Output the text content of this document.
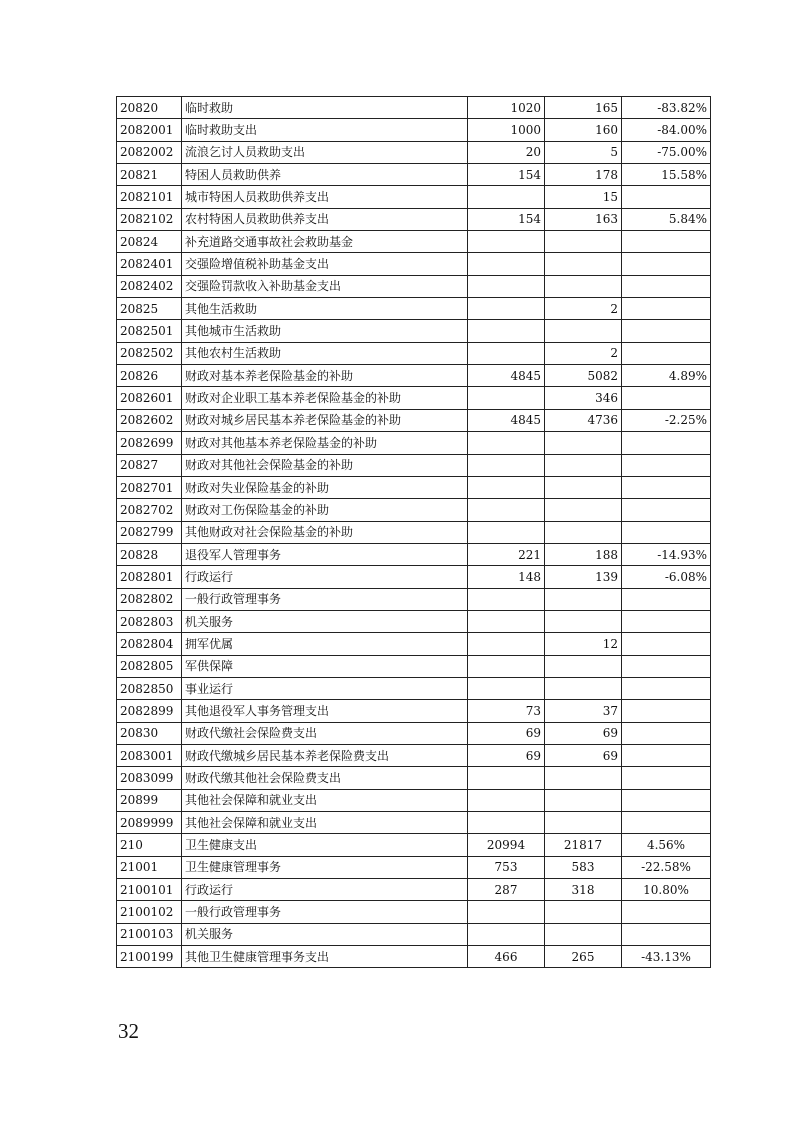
20820	临时救助	1020	165	-83.82%
2082001	临时救助支出	1000	160	-84.00%
2082002	流浪乞讨人员救助支出	20	5	-75.00%
20821	特困人员救助供养	154	178	15.58%
2082101	城市特困人员救助供养支出		15	
2082102	农村特困人员救助供养支出	154	163	5.84%
20824	补充道路交通事故社会救助基金			
2082401	交强险增值税补助基金支出			
2082402	交强险罚款收入补助基金支出			
20825	其他生活救助		2	
2082501	其他城市生活救助			
2082502	其他农村生活救助		2	
20826	财政对基本养老保险基金的补助	4845	5082	4.89%
2082601	财政对企业职工基本养老保险基金的补助		346	
2082602	财政对城乡居民基本养老保险基金的补助	4845	4736	-2.25%
2082699	财政对其他基本养老保险基金的补助			
20827	财政对其他社会保险基金的补助			
2082701	财政对失业保险基金的补助			
2082702	财政对工伤保险基金的补助			
2082799	其他财政对社会保险基金的补助			
20828	退役军人管理事务	221	188	-14.93%
2082801	行政运行	148	139	-6.08%
2082802	一般行政管理事务			
2082803	机关服务			
2082804	拥军优属		12	
2082805	军供保障			
2082850	事业运行			
2082899	其他退役军人事务管理支出	73	37	
20830	财政代缴社会保险费支出	69	69	
2083001	财政代缴城乡居民基本养老保险费支出	69	69	
2083099	财政代缴其他社会保险费支出			
20899	其他社会保障和就业支出			
2089999	其他社会保障和就业支出			
210	卫生健康支出	20994	21817	4.56%
21001	卫生健康管理事务	753	583	-22.58%
2100101	行政运行	287	318	10.80%
2100102	一般行政管理事务			
2100103	机关服务			
2100199	其他卫生健康管理事务支出	466	265	-43.13%
32
